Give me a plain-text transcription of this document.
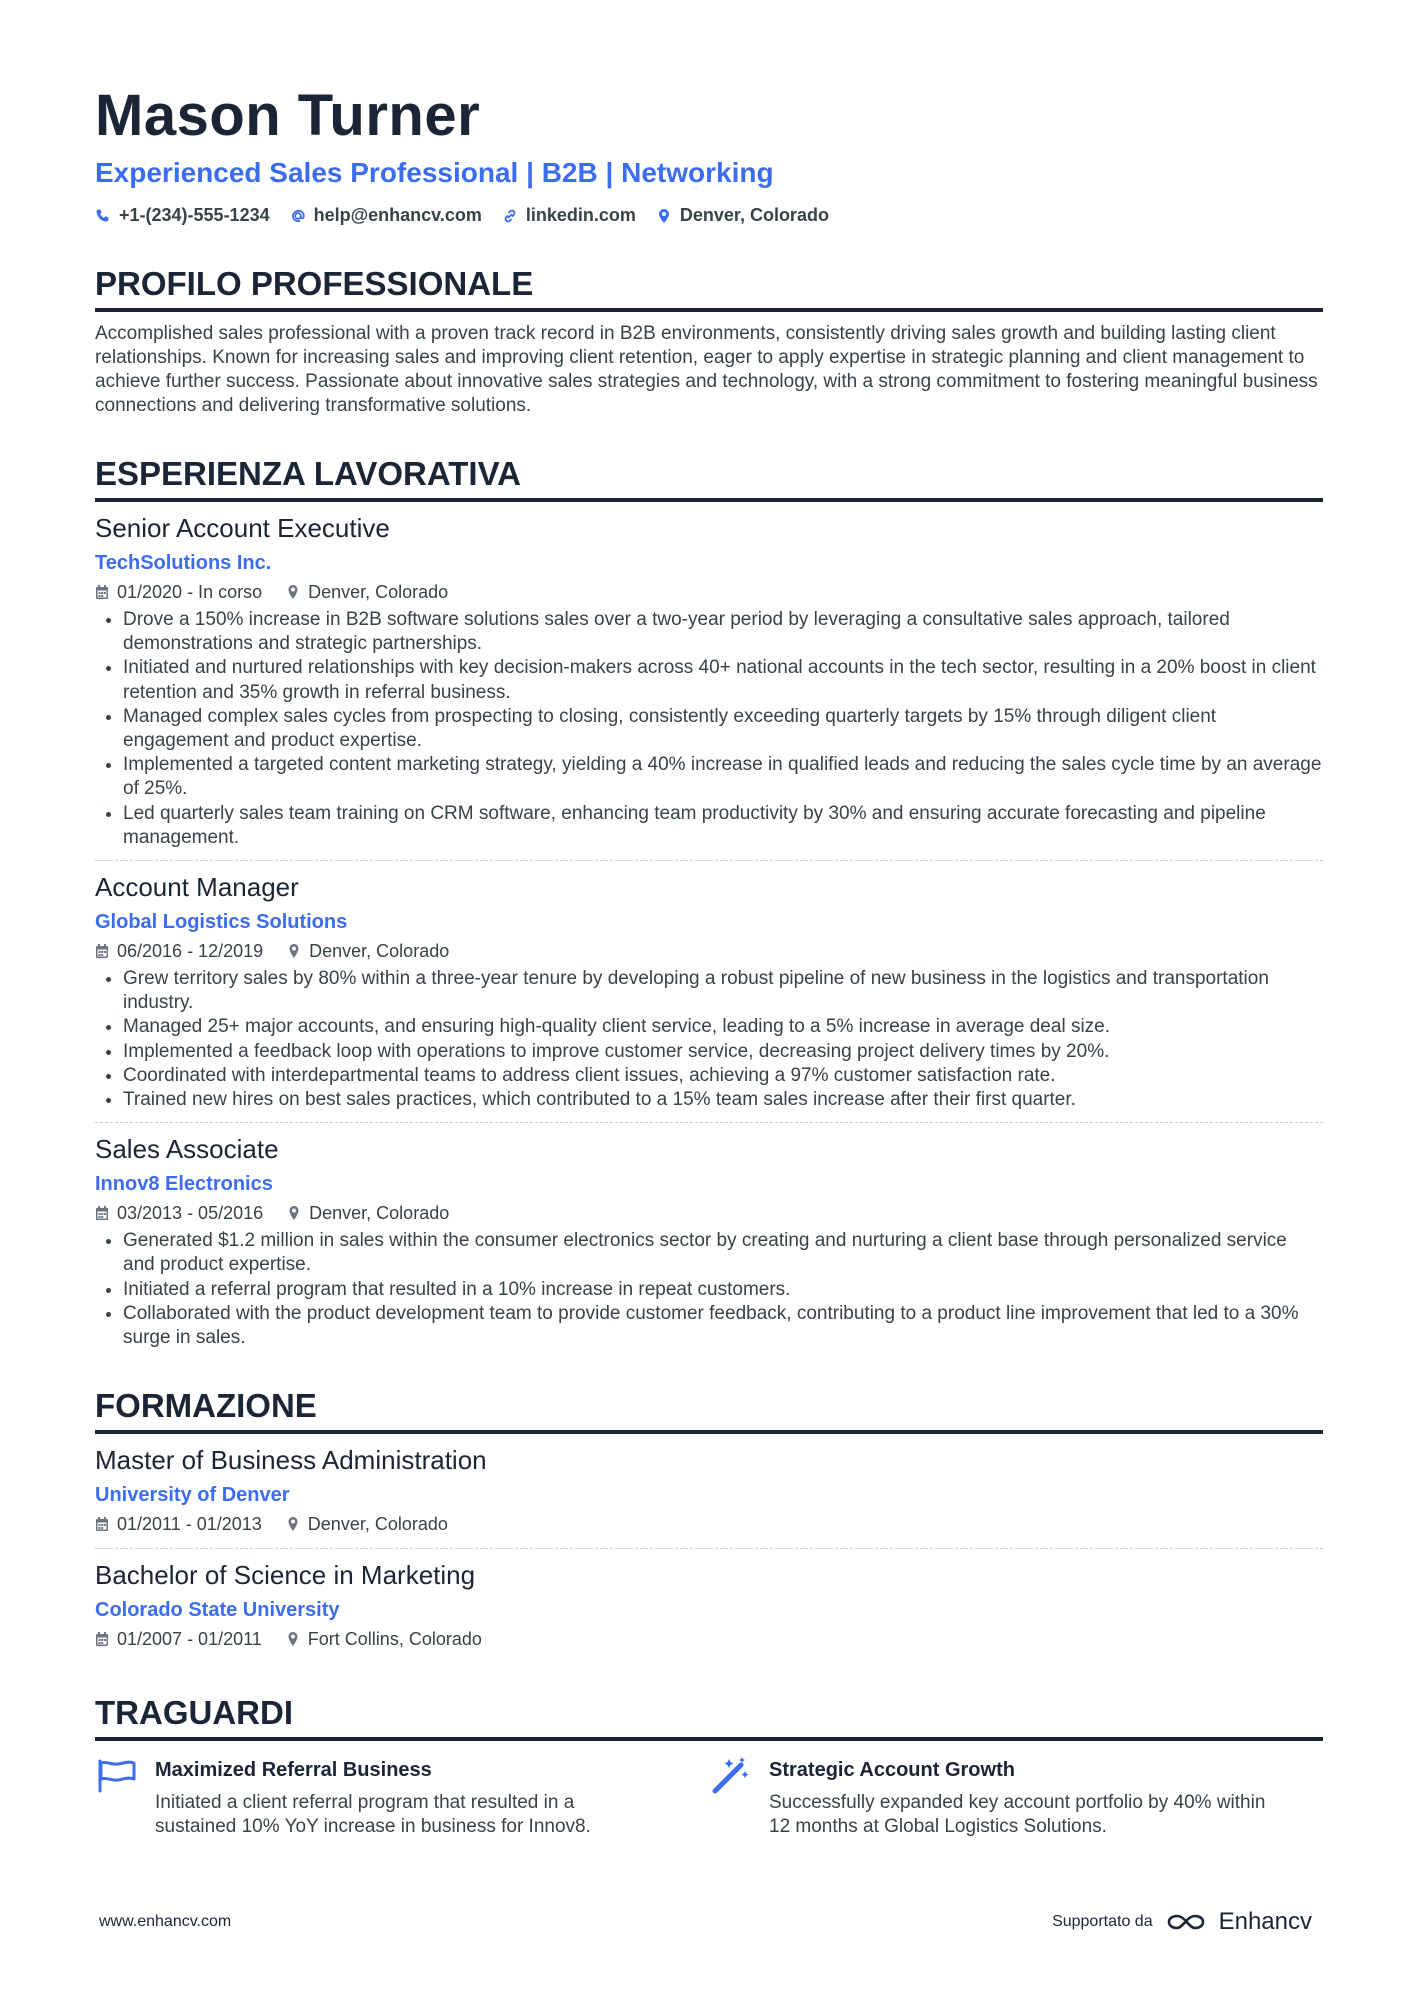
Mason Turner
Experienced Sales Professional | B2B | Networking
+1-(234)-555-1234 help@enhancv.com linkedin.com Denver, Colorado
PROFILO PROFESSIONALE
Accomplished sales professional with a proven track record in B2B environments, consistently driving sales growth and building lasting client relationships. Known for increasing sales and improving client retention, eager to apply expertise in strategic planning and client management to achieve further success. Passionate about innovative sales strategies and technology, with a strong commitment to fostering meaningful business connections and delivering transformative solutions.
ESPERIENZA LAVORATIVA
Senior Account Executive
TechSolutions Inc.
01/2020 - In corso	Denver, Colorado
• Drove a 150% increase in B2B software solutions sales over a two-year period by leveraging a consultative sales approach, tailored demonstrations and strategic partnerships.
• Initiated and nurtured relationships with key decision-makers across 40+ national accounts in the tech sector, resulting in a 20% boost in client retention and 35% growth in referral business.
• Managed complex sales cycles from prospecting to closing, consistently exceeding quarterly targets by 15% through diligent client engagement and product expertise.
• Implemented a targeted content marketing strategy, yielding a 40% increase in qualified leads and reducing the sales cycle time by an average of 25%.
• Led quarterly sales team training on CRM software, enhancing team productivity by 30% and ensuring accurate forecasting and pipeline management.
Account Manager
Global Logistics Solutions
06/2016 - 12/2019	Denver, Colorado
• Grew territory sales by 80% within a three-year tenure by developing a robust pipeline of new business in the logistics and transportation industry.
• Managed 25+ major accounts, and ensuring high-quality client service, leading to a 5% increase in average deal size.
• Implemented a feedback loop with operations to improve customer service, decreasing project delivery times by 20%.
• Coordinated with interdepartmental teams to address client issues, achieving a 97% customer satisfaction rate.
• Trained new hires on best sales practices, which contributed to a 15% team sales increase after their first quarter.
Sales Associate
Innov8 Electronics
03/2013 - 05/2016	Denver, Colorado
• Generated $1.2 million in sales within the consumer electronics sector by creating and nurturing a client base through personalized service and product expertise.
• Initiated a referral program that resulted in a 10% increase in repeat customers.
• Collaborated with the product development team to provide customer feedback, contributing to a product line improvement that led to a 30% surge in sales.
FORMAZIONE
Master of Business Administration
University of Denver
01/2011 - 01/2013	Denver, Colorado
Bachelor of Science in Marketing
Colorado State University
01/2007 - 01/2011	Fort Collins, Colorado
TRAGUARDI
Maximized Referral Business
Initiated a client referral program that resulted in a sustained 10% YoY increase in business for Innov8.
Strategic Account Growth
Successfully expanded key account portfolio by 40% within 12 months at Global Logistics Solutions.
www.enhancv.com	Supportato da	Enhancv
